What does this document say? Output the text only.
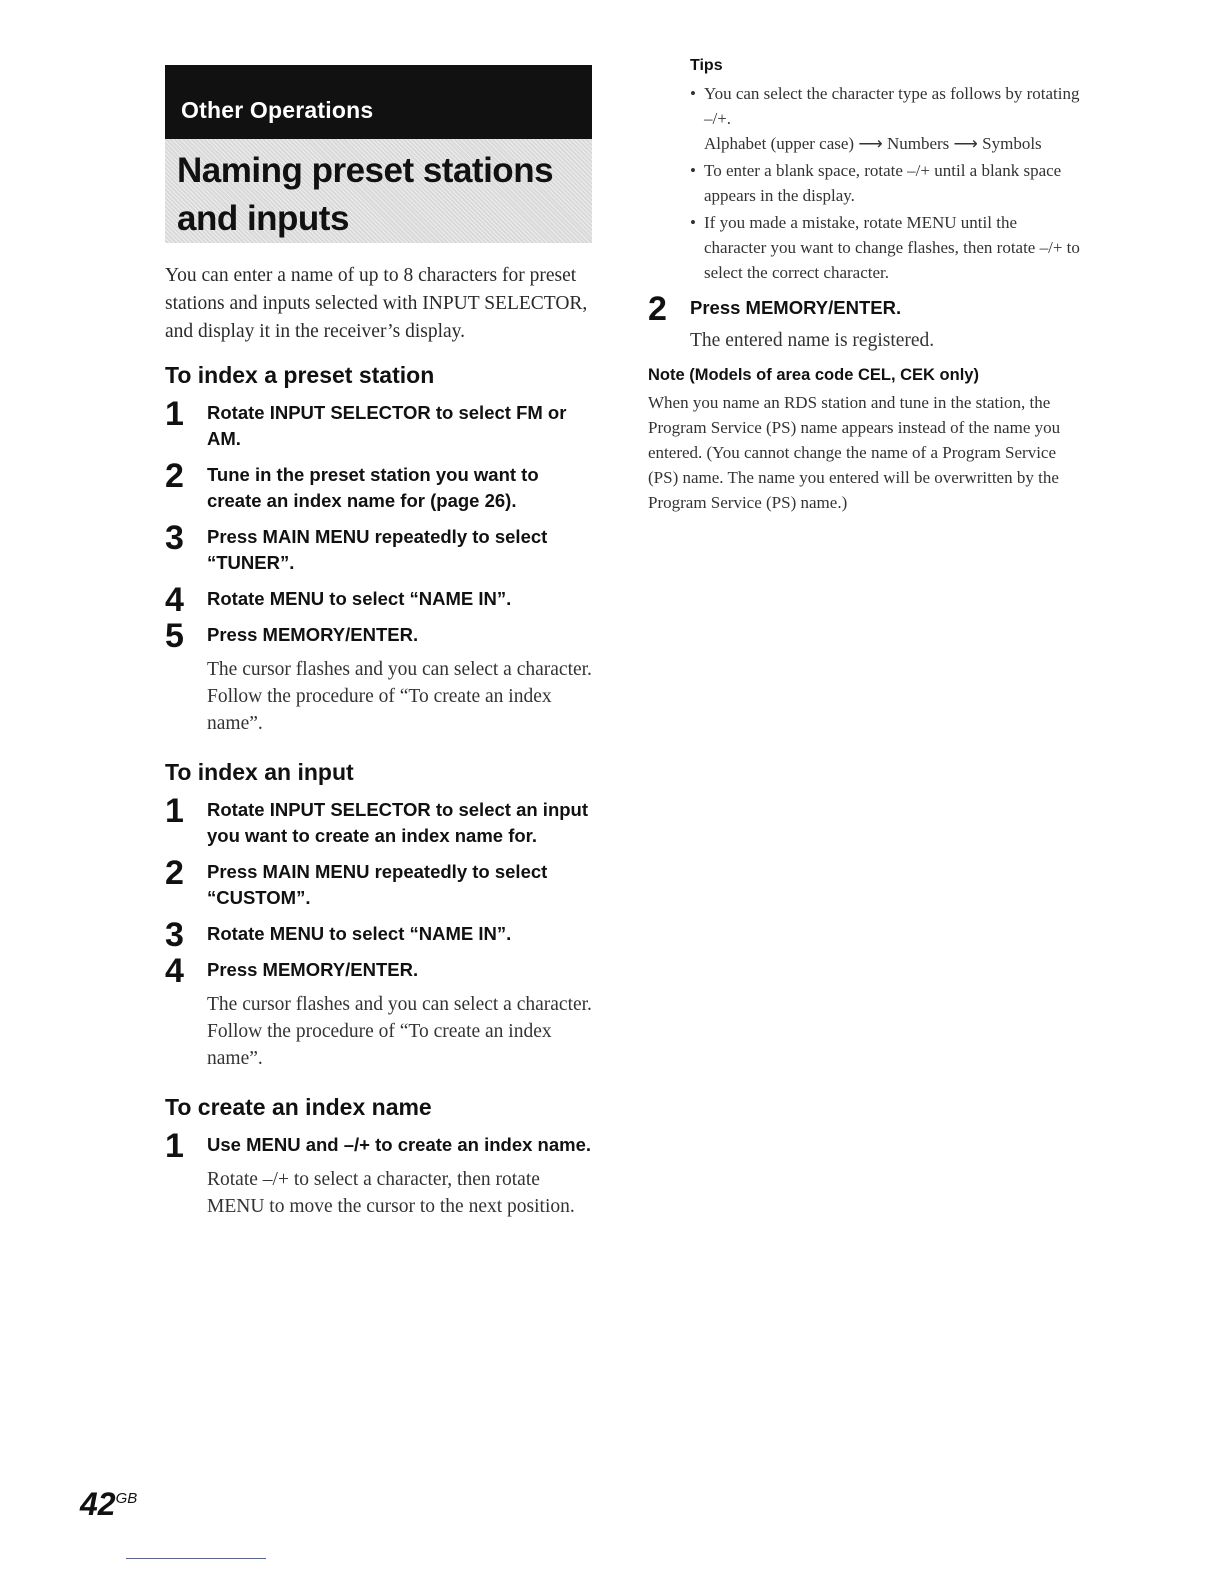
Other Operations
Naming preset stations
and inputs

You can enter a name of up to 8 characters for preset stations and inputs selected with INPUT SELECTOR, and display it in the receiver’s display.

To index a preset station
1 Rotate INPUT SELECTOR to select FM or AM.
2 Tune in the preset station you want to create an index name for (page 26).
3 Press MAIN MENU repeatedly to select “TUNER”.
4 Rotate MENU to select “NAME IN”.
5 Press MEMORY/ENTER.
The cursor flashes and you can select a character. Follow the procedure of “To create an index name”.
To index an input
1 Rotate INPUT SELECTOR to select an input you want to create an index name for.
2 Press MAIN MENU repeatedly to select “CUSTOM”.
3 Rotate MENU to select “NAME IN”.
4 Press MEMORY/ENTER.
The cursor flashes and you can select a character. Follow the procedure of “To create an index name”.
To create an index name
1 Use MENU and –/+ to create an index name.
Rotate –/+ to select a character, then rotate MENU to move the cursor to the next position.
Tips
• You can select the character type as follows by rotating –/+.
Alphabet (upper case) ⟶ Numbers ⟶ Symbols
• To enter a blank space, rotate –/+ until a blank space appears in the display.
• If you made a mistake, rotate MENU until the character you want to change flashes, then rotate –/+ to select the correct character.
2 Press MEMORY/ENTER.
The entered name is registered.
Note (Models of area code CEL, CEK only)
When you name an RDS station and tune in the station, the Program Service (PS) name appears instead of the name you entered. (You cannot change the name of a Program Service (PS) name. The name you entered will be overwritten by the Program Service (PS) name.)
$42^{GB}$
